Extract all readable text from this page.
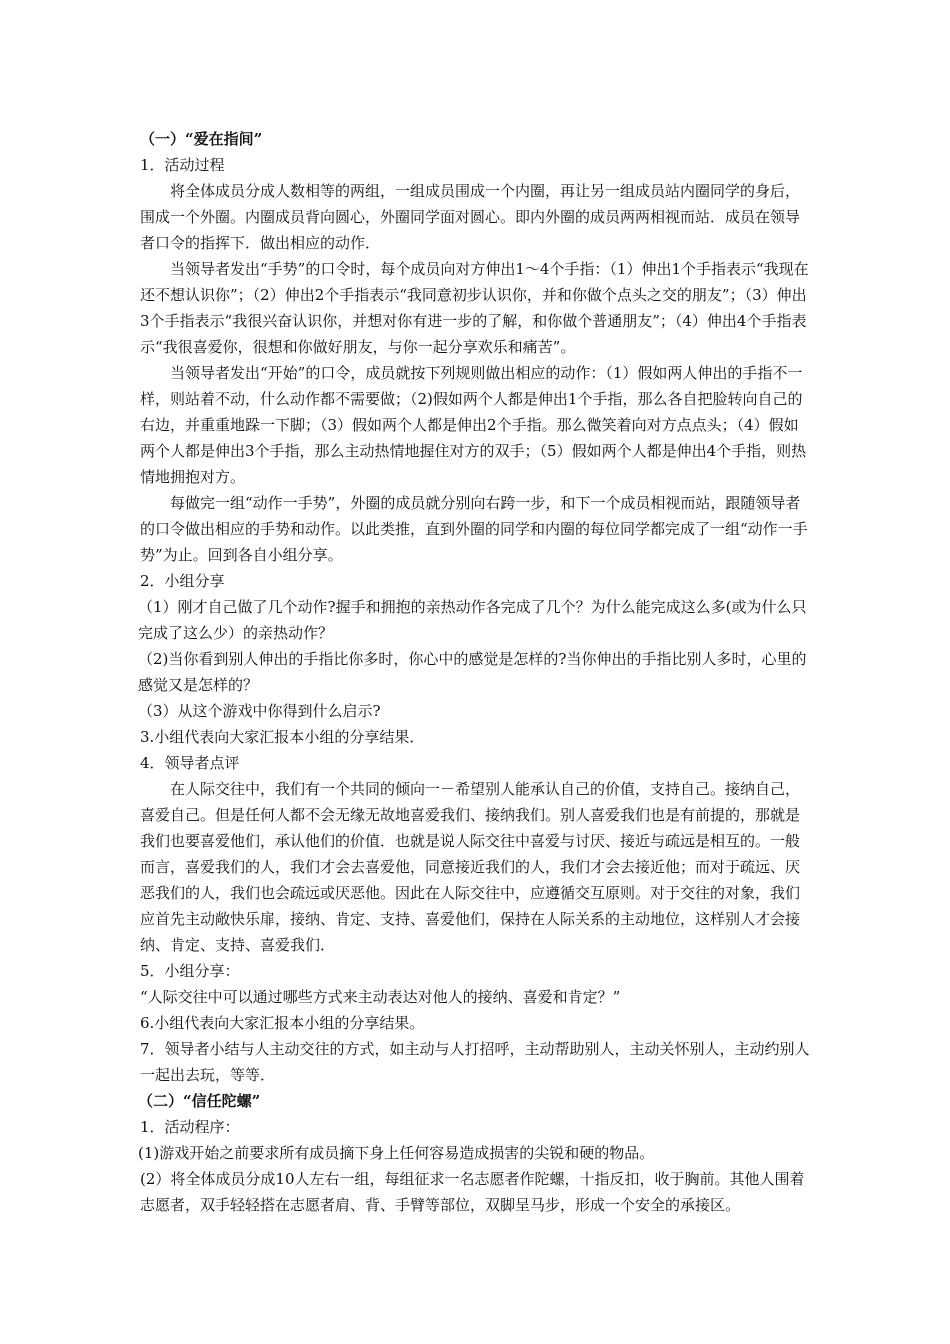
（一）“爱在指间”
1．活动过程
将全体成员分成人数相等的两组，一组成员围成一个内圈，再让另一组成员站内圈同学的身后，围成一个外圈。内圈成员背向圆心，外圈同学面对圆心。即内外圈的成员两两相视而站．成员在领导者口令的指挥下．做出相应的动作．
当领导者发出“手势”的口令时，每个成员向对方伸出1～4个手指：（1）伸出1个手指表示“我现在还不想认识你”；（2）伸出2个手指表示“我同意初步认识你，并和你做个点头之交的朋友”；（3）伸出3个手指表示“我很兴奋认识你，并想对你有进一步的了解，和你做个普通朋友”；（4）伸出4个手指表示“我很喜爱你，很想和你做好朋友，与你一起分享欢乐和痛苦”。
当领导者发出“开始”的口令，成员就按下列规则做出相应的动作：（1）假如两人伸出的手指不一样，则站着不动，什么动作都不需要做；（2)假如两个人都是伸出1个手指，那么各自把脸转向自己的右边，并重重地跺一下脚；（3）假如两个人都是伸出2个手指。那么微笑着向对方点点头；（4）假如两个人都是伸出3个手指，那么主动热情地握住对方的双手；（5）假如两个人都是伸出4个手指，则热情地拥抱对方。
每做完一组“动作一手势”，外圈的成员就分别向右跨一步，和下一个成员相视而站，跟随领导者的口令做出相应的手势和动作。以此类推，直到外圈的同学和内圈的每位同学都完成了一组“动作一手势”为止。回到各自小组分享。
2．小组分享
（1）刚才自己做了几个动作?握手和拥抱的亲热动作各完成了几个？为什么能完成这么多(或为什么只完成了这么少）的亲热动作？
（2)当你看到别人伸出的手指比你多时，你心中的感觉是怎样的?当你伸出的手指比别人多时，心里的感觉又是怎样的？
（3）从这个游戏中你得到什么启示?
3.小组代表向大家汇报本小组的分享结果．
4．领导者点评
在人际交往中，我们有一个共同的倾向一－希望别人能承认自己的价值，支持自己。接纳自己，喜爱自己。但是任何人都不会无缘无故地喜爱我们、接纳我们。别人喜爱我们也是有前提的，那就是我们也要喜爱他们，承认他们的价值．也就是说人际交往中喜爱与讨厌、接近与疏远是相互的。一般而言，喜爱我们的人，我们才会去喜爱他，同意接近我们的人，我们才会去接近他；而对于疏远、厌恶我们的人，我们也会疏远或厌恶他。因此在人际交往中，应遵循交互原则。对于交往的对象，我们应首先主动敞快乐扉，接纳、肯定、支持、喜爱他们，保持在人际关系的主动地位，这样别人才会接纳、肯定、支持、喜爱我们．
5．小组分享：
“人际交往中可以通过哪些方式来主动表达对他人的接纳、喜爱和肯定？”
6.小组代表向大家汇报本小组的分享结果。
7．领导者小结与人主动交往的方式，如主动与人打招呼，主动帮助别人，主动关怀别人，主动约别人一起出去玩，等等．
（二）“信任陀螺”
1．活动程序：
(1)游戏开始之前要求所有成员摘下身上任何容易造成损害的尖锐和硬的物品。
(2）将全体成员分成10人左右一组，每组征求一名志愿者作陀螺，十指反扣，收于胸前。其他人围着志愿者，双手轻轻搭在志愿者肩、背、手臂等部位，双脚呈马步，形成一个安全的承接区。
